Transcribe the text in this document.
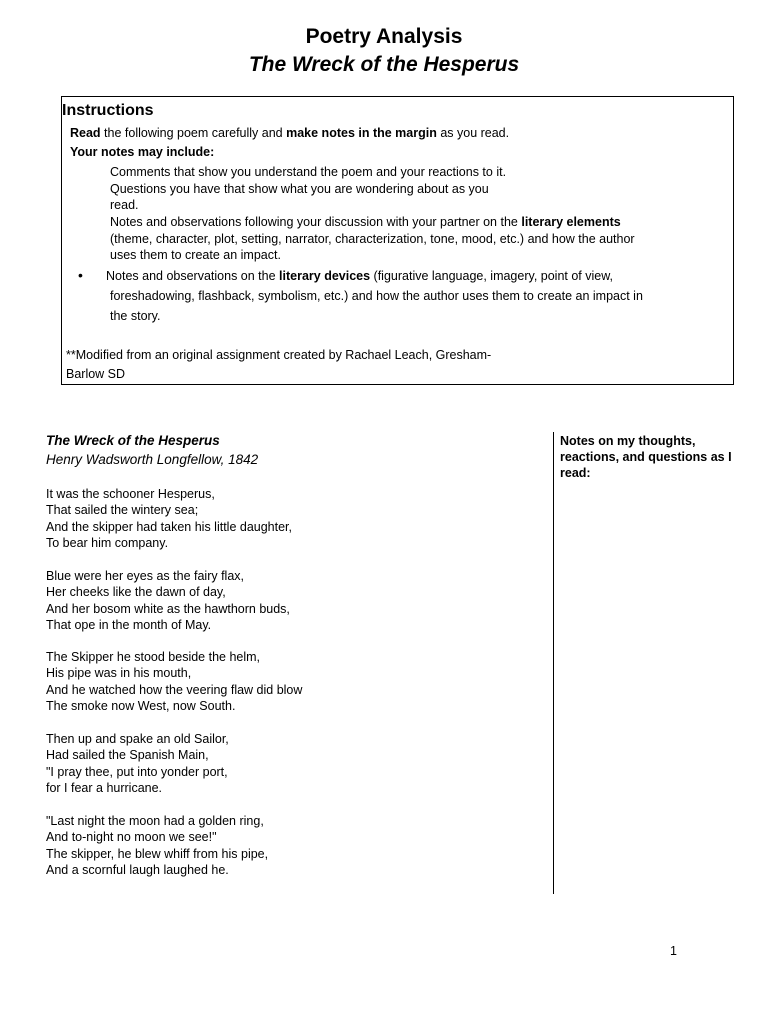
Poetry Analysis
The Wreck of the Hesperus
Instructions
Read the following poem carefully and make notes in the margin as you read.
Your notes may include:
Comments that show you understand the poem and your reactions to it.
Questions you have that show what you are wondering about as you
read.
Notes and observations following your discussion with your partner on the literary elements
(theme, character, plot, setting, narrator, characterization, tone, mood, etc.) and how the author
uses them to create an impact.
• Notes and observations on the literary devices (figurative language, imagery, point of view,
foreshadowing, flashback, symbolism, etc.) and how the author uses them to create an impact in
the story.
**Modified from an original assignment created by Rachael Leach, Gresham-
Barlow SD
The Wreck of the Hesperus
Henry Wadsworth Longfellow, 1842
It was the schooner Hesperus,
That sailed the wintery sea;
And the skipper had taken his little daughter,
To bear him company.
Blue were her eyes as the fairy flax,
Her cheeks like the dawn of day,
And her bosom white as the hawthorn buds,
That ope in the month of May.
The Skipper he stood beside the helm,
His pipe was in his mouth,
And he watched how the veering flaw did blow
The smoke now West, now South.
Then up and spake an old Sailor,
Had sailed the Spanish Main,
"I pray thee, put into yonder port,
for I fear a hurricane.
"Last night the moon had a golden ring,
And to-night no moon we see!"
The skipper, he blew whiff from his pipe,
And a scornful laugh laughed he.
Notes on my thoughts, reactions, and questions as I read:
1
